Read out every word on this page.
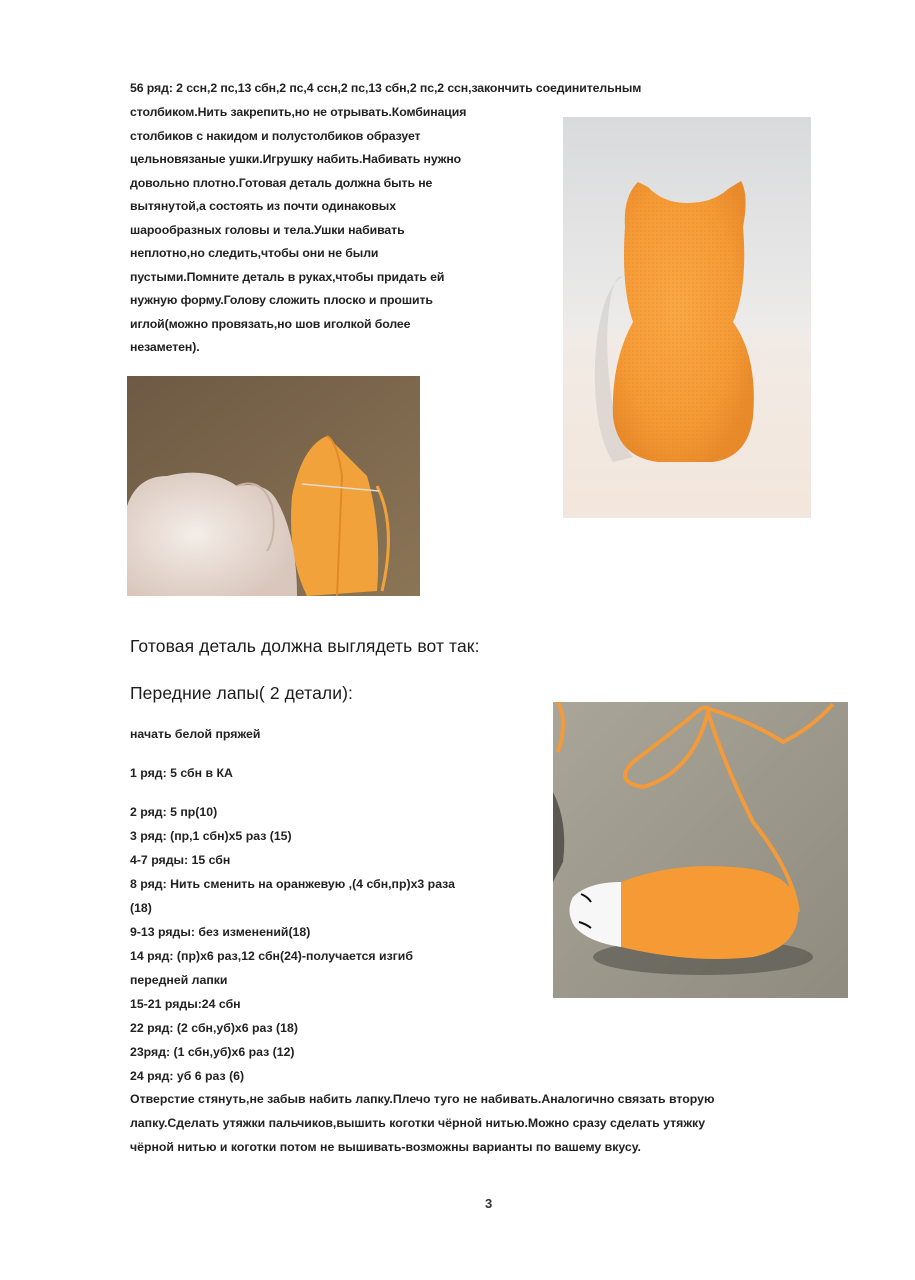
56 ряд: 2 ссн,2 пс,13 сбн,2 пс,4 ссн,2 пс,13 сбн,2 пс,2 ссн,закончить соединительным
столбиком.Нить закрепить,но не отрывать.Комбинация
столбиков с накидом и полустолбиков образует
цельновязаные ушки.Игрушку набить.Набивать нужно
довольно плотно.Готовая деталь должна быть не
вытянутой,а состоять из почти одинаковых
шарообразных головы и тела.Ушки набивать
неплотно,но следить,чтобы они не были
пустыми.Помните деталь в руках,чтобы придать ей
нужную форму.Голову сложить плоско и прошить
иглой(можно провязать,но шов иголкой более
незаметен).
Готовая деталь должна выглядеть вот так:
Передние лапы( 2 детали):
начать белой пряжей
1 ряд: 5 сбн в КА
2 ряд: 5 пр(10)
3 ряд: (пр,1 сбн)х5 раз (15)
4-7 ряды: 15 сбн
8 ряд: Нить сменить на оранжевую ,(4 сбн,пр)х3 раза
(18)
9-13 ряды: без изменений(18)
14 ряд: (пр)х6 раз,12 сбн(24)-получается изгиб
передней лапки
15-21 ряды:24 сбн
22 ряд: (2 сбн,уб)х6 раз (18)
23ряд: (1 сбн,уб)х6 раз (12)
24 ряд: уб 6 раз (6)
Отверстие стянуть,не забыв набить лапку.Плечо туго не набивать.Аналогично связать вторую
лапку.Сделать утяжки пальчиков,вышить коготки чёрной нитью.Можно сразу сделать утяжку
чёрной нитью и коготки потом не вышивать-возможны варианты по вашему вкусу.
3
